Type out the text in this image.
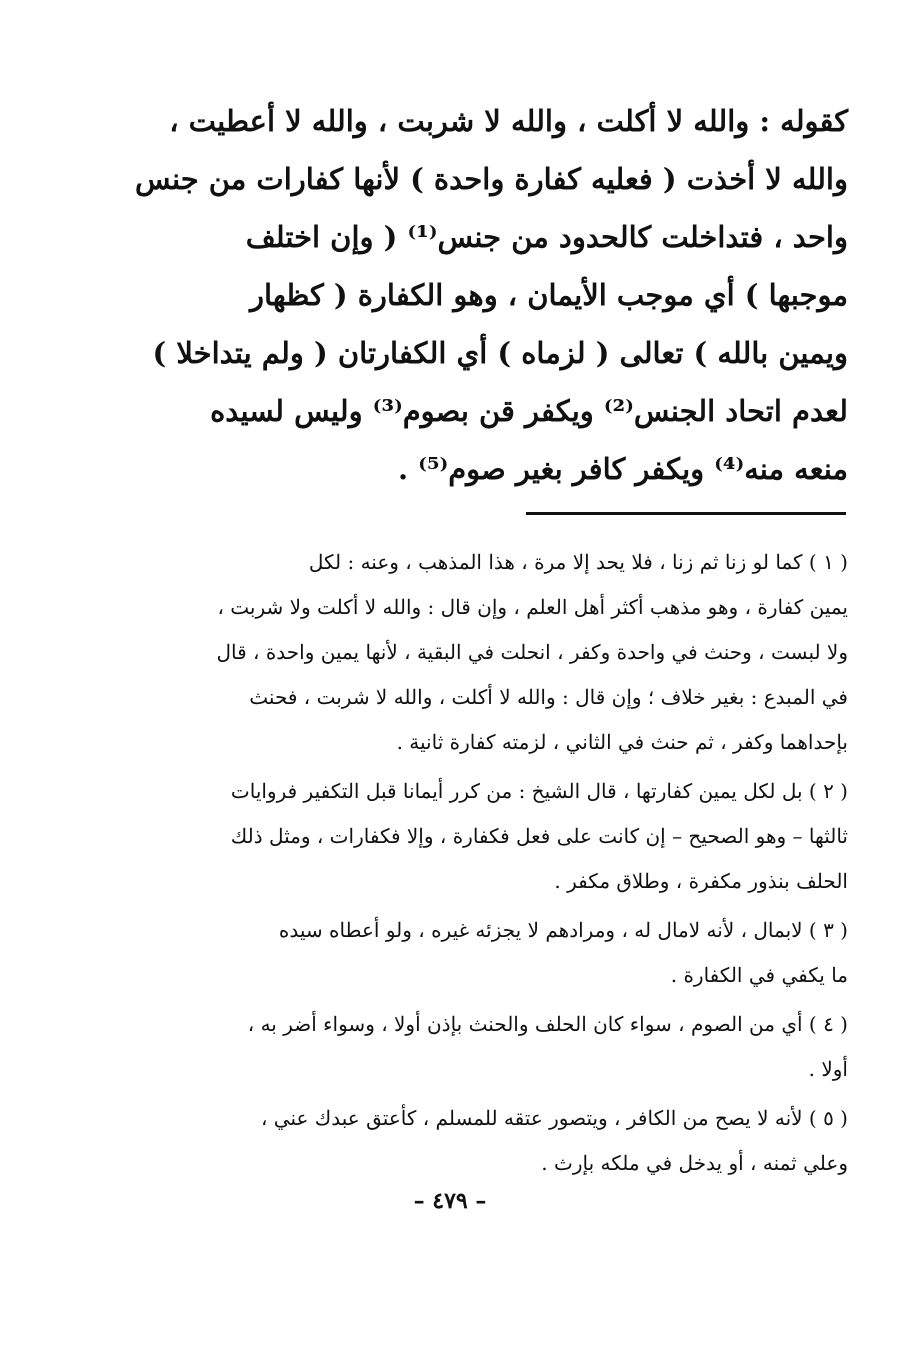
كقوله : والله لا أكلت ، والله لا شربت ، والله لا أعطيت ،
والله لا أخذت ( فعليه كفارة واحدة ) لأنها كفارات من جنس
واحد ، فتداخلت كالحدود من جنس⁽¹⁾ ( وإن اختلف
موجبها ) أي موجب الأيمان ، وهو الكفارة ( كظهار
ويمين بالله ) تعالى ( لزماه ) أي الكفارتان ( ولم يتداخلا )
لعدم اتحاد الجنس⁽²⁾ ويكفر قن بصوم⁽³⁾ وليس لسيده
منعه منه⁽⁴⁾ ويكفر كافر بغير صوم⁽⁵⁾ .
( ١ ) كما لو زنا ثم زنا ، فلا يحد إلا مرة ، هذا المذهب ، وعنه : لكل
يمين كفارة ، وهو مذهب أكثر أهل العلم ، وإن قال : والله لا أكلت ولا شربت ،
ولا لبست ، وحنث في واحدة وكفر ، انحلت في البقية ، لأنها يمين واحدة ، قال
في المبدع : بغير خلاف ؛ وإن قال : والله لا أكلت ، والله لا شربت ، فحنث
بإحداهما وكفر ، ثم حنث في الثاني ، لزمته كفارة ثانية .
( ٢ ) بل لكل يمين كفارتها ، قال الشيخ : من كرر أيمانا قبل التكفير فروايات
ثالثها – وهو الصحيح – إن كانت على فعل فكفارة ، وإلا فكفارات ، ومثل ذلك
الحلف بنذور مكفرة ، وطلاق مكفر .
( ٣ ) لابمال ، لأنه لامال له ، ومرادهم لا يجزئه غيره ، ولو أعطاه سيده
ما يكفي في الكفارة .
( ٤ ) أي من الصوم ، سواء كان الحلف والحنث بإذن أولا ، وسواء أضر به ،
أولا .
( ٥ ) لأنه لا يصح من الكافر ، ويتصور عتقه للمسلم ، كأعتق عبدك عني ،
وعلي ثمنه ، أو يدخل في ملكه بإرث .
– ٤٧٩ –
